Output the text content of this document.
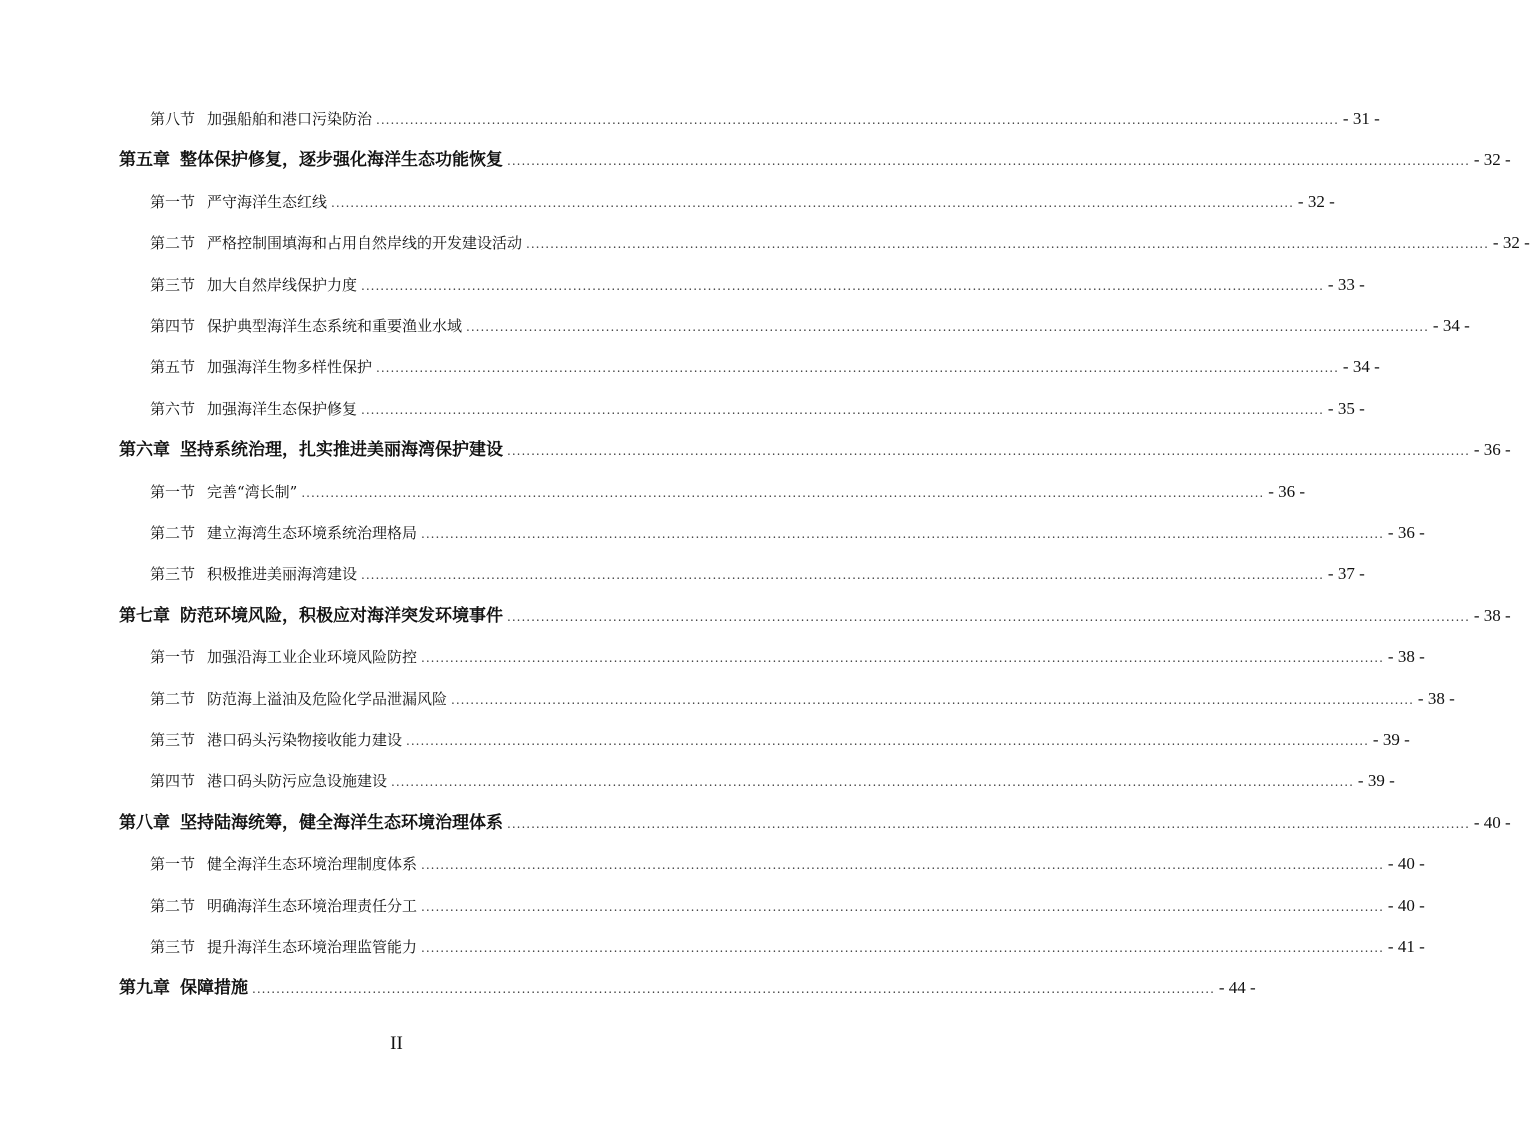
第八节 加强船舶和港口污染防治 ........................................................................................................................................................................................................ - 31 -
第五章 整体保护修复，逐步强化海洋生态功能恢复 ........................................................................................................................................................................................................ - 32 -
第一节 严守海洋生态红线 ........................................................................................................................................................................................................ - 32 -
第二节 严格控制围填海和占用自然岸线的开发建设活动 ........................................................................................................................................................................................................ - 32 -
第三节 加大自然岸线保护力度 ........................................................................................................................................................................................................ - 33 -
第四节 保护典型海洋生态系统和重要渔业水域 ........................................................................................................................................................................................................ - 34 -
第五节 加强海洋生物多样性保护 ........................................................................................................................................................................................................ - 34 -
第六节 加强海洋生态保护修复 ........................................................................................................................................................................................................ - 35 -
第六章 坚持系统治理，扎实推进美丽海湾保护建设 ........................................................................................................................................................................................................ - 36 -
第一节 完善“湾长制” ........................................................................................................................................................................................................ - 36 -
第二节 建立海湾生态环境系统治理格局 ........................................................................................................................................................................................................ - 36 -
第三节 积极推进美丽海湾建设 ........................................................................................................................................................................................................ - 37 -
第七章 防范环境风险，积极应对海洋突发环境事件 ........................................................................................................................................................................................................ - 38 -
第一节 加强沿海工业企业环境风险防控 ........................................................................................................................................................................................................ - 38 -
第二节 防范海上溢油及危险化学品泄漏风险 ........................................................................................................................................................................................................ - 38 -
第三节 港口码头污染物接收能力建设 ........................................................................................................................................................................................................ - 39 -
第四节 港口码头防污应急设施建设 ........................................................................................................................................................................................................ - 39 -
第八章 坚持陆海统筹，健全海洋生态环境治理体系 ........................................................................................................................................................................................................ - 40 -
第一节 健全海洋生态环境治理制度体系 ........................................................................................................................................................................................................ - 40 -
第二节 明确海洋生态环境治理责任分工 ........................................................................................................................................................................................................ - 40 -
第三节 提升海洋生态环境治理监管能力 ........................................................................................................................................................................................................ - 41 -
第九章 保障措施 ........................................................................................................................................................................................................ - 44 -
II
